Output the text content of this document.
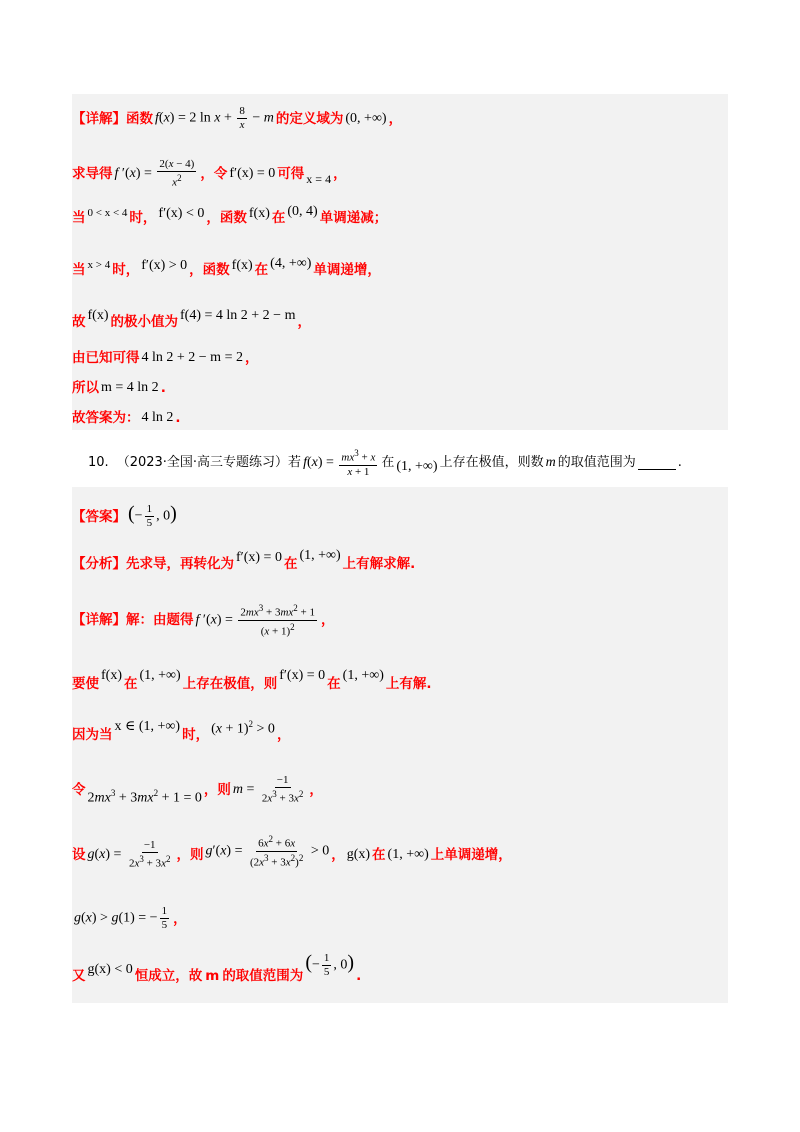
【详解】 函数 f(x) = 2 $\ln x + \frac{8}{x} - m$ 的定义域为 (0, +∞) ，
求导得 f $'(x) = \frac{2(x - 4)}{x^2}$ ，令 f′(x) = 0 可得 x = 4 ，
当 0 < x < 4 时， f′(x) < 0 ，函数 f(x) 在 (0, 4) 单调递减；
当 x > 4 时， f′(x) > 0 ，函数 f(x) 在 (4, +∞) 单调递增，
故 f(x) 的极小值为 f(4) = 4 ln 2 + 2 − m ，
由已知可得 4 ln 2 + 2 − m = 2 ，
所以 m = 4 ln 2 .
故答案为： 4 ln 2 .
10. （2023·全国·高三专题练习） 若 $f(x) = \frac{mx^3 + x}{x + 1}$ 在 (1, +∞) 上存在极值，则数 m 的取值范围为	.
【答案】 (− $\frac{1}{5}$ , 0)
【分析】 先求导，再转化为 f′(x) = 0 在
(1, +∞)
上有解求解.
【详解】 解：由题得 f $'(x) = \frac{2mx^3 + 3mx^2 + 1}{(x + 1)^2}$ ，
要使
f(x)
在
(1, +∞)
上存在极值，则
f′(x) = 0
在
(1, +∞)
上有解.
因为当
x ∈ (1, +∞)
时， $(x + 1)^2 > 0$ ，
令
$2mx^3 + 3mx^2 + 1 = 0$
，则 $m = \frac{-1}{2x^3 + 3x^2}$ ，
设 $g(x) = \frac{-1}{2x^3 + 3x^2}$ ，则 $g'(x) = \frac{6x^2 + 6x}{(2x^3 + 3x^2)^2} > 0$ ， g(x) 在 (1, +∞) 上单调递增，
g(x) > g(1) = − $\frac{1}{5}$ ，
又 g(x) < 0 恒成立，故 m 的取值范围为
(− $\frac{1}{5}$ , 0)
.
